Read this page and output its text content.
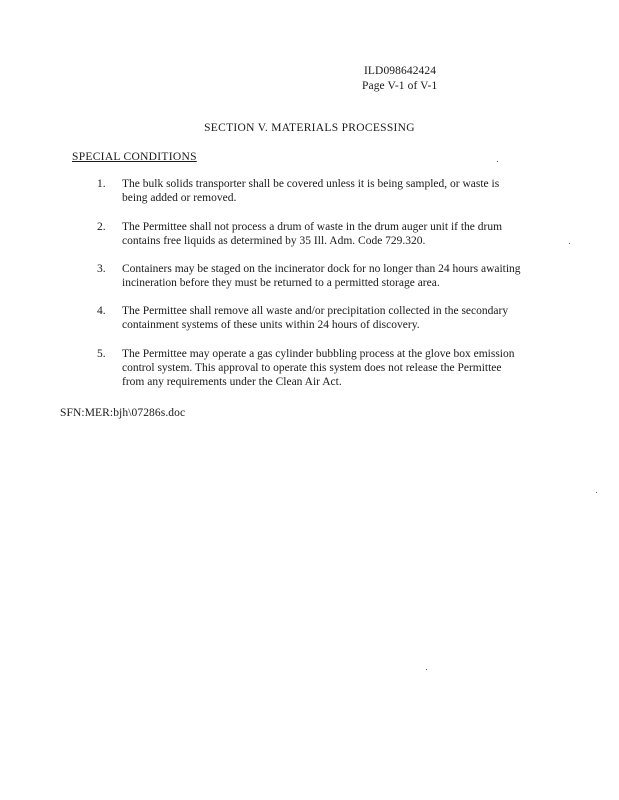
ILD098642424
Page V-1 of V-1
SECTION V. MATERIALS PROCESSING
SPECIAL CONDITIONS
1. The bulk solids transporter shall be covered unless it is being sampled, or waste is
being added or removed.
2. The Permittee shall not process a drum of waste in the drum auger unit if the drum
contains free liquids as determined by 35 Ill. Adm. Code 729.320.
3. Containers may be staged on the incinerator dock for no longer than 24 hours awaiting
incineration before they must be returned to a permitted storage area.
4. The Permittee shall remove all waste and/or precipitation collected in the secondary
containment systems of these units within 24 hours of discovery.
5. The Permittee may operate a gas cylinder bubbling process at the glove box emission
control system. This approval to operate this system does not release the Permittee
from any requirements under the Clean Air Act.
SFN:MER:bjh\07286s.doc
